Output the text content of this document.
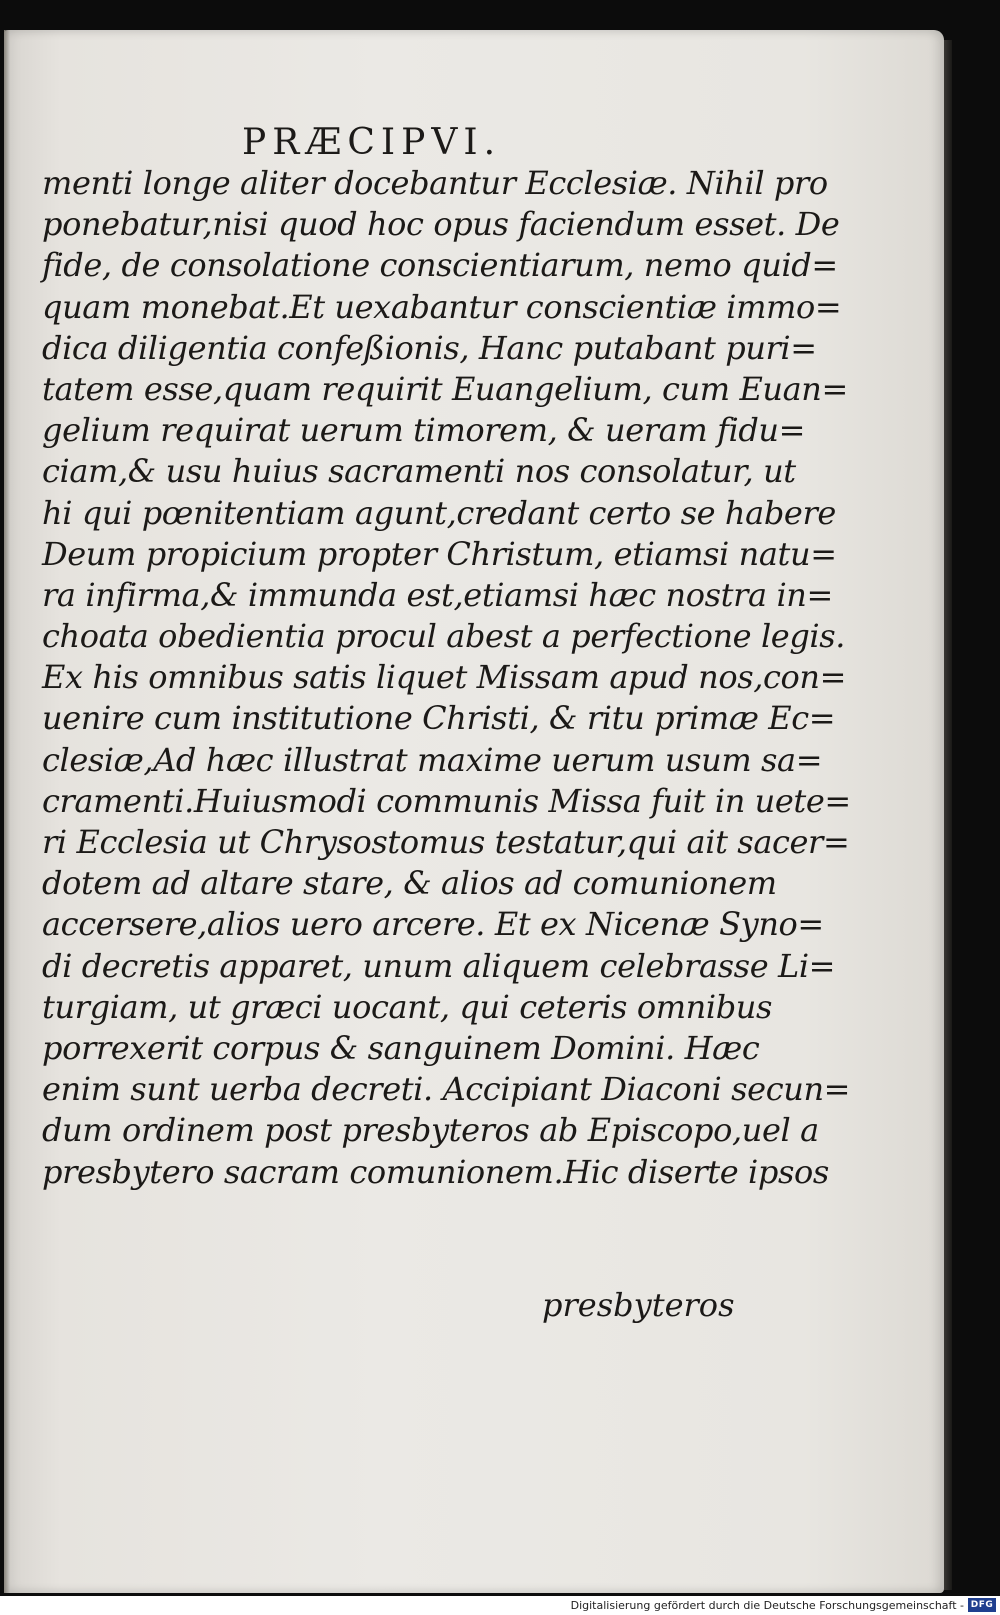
PRÆCIPVI.
menti longe aliter docebantur Ecclesiæ. Nihil pro
ponebatur,nisi quod hoc opus faciendum esset. De
fide, de consolatione conscientiarum, nemo quid=
quam monebat.Et uexabantur conscientiæ immo=
dica diligentia confeßionis, Hanc putabant puri=
tatem esse,quam requirit Euangelium, cum Euan=
gelium requirat uerum timorem, & ueram fidu=
ciam,& usu huius sacramenti nos consolatur, ut
hi qui pœnitentiam agunt,credant certo se habere
Deum propicium propter Christum, etiamsi natu=
ra infirma,& immunda est,etiamsi hæc nostra in=
choata obedientia procul abest a perfectione legis.
Ex his omnibus satis liquet Missam apud nos,con=
uenire cum institutione Christi, & ritu primæ Ec=
clesiæ,Ad hæc illustrat maxime uerum usum sa=
cramenti.Huiusmodi communis Missa fuit in uete=
ri Ecclesia ut Chrysostomus testatur,qui ait sacer=
dotem ad altare stare, & alios ad comunionem
accersere,alios uero arcere. Et ex Nicenæ Syno=
di decretis apparet, unum aliquem celebrasse Li=
turgiam, ut græci uocant, qui ceteris omnibus
porrexerit corpus & sanguinem Domini. Hæc
enim sunt uerba decreti. Accipiant Diaconi secun=
dum ordinem post presbyteros ab Episcopo,uel a
presbytero sacram comunionem.Hic diserte ipsos
presbyteros
Digitalisierung gefördert durch die Deutsche Forschungsgemeinschaft - DFG
